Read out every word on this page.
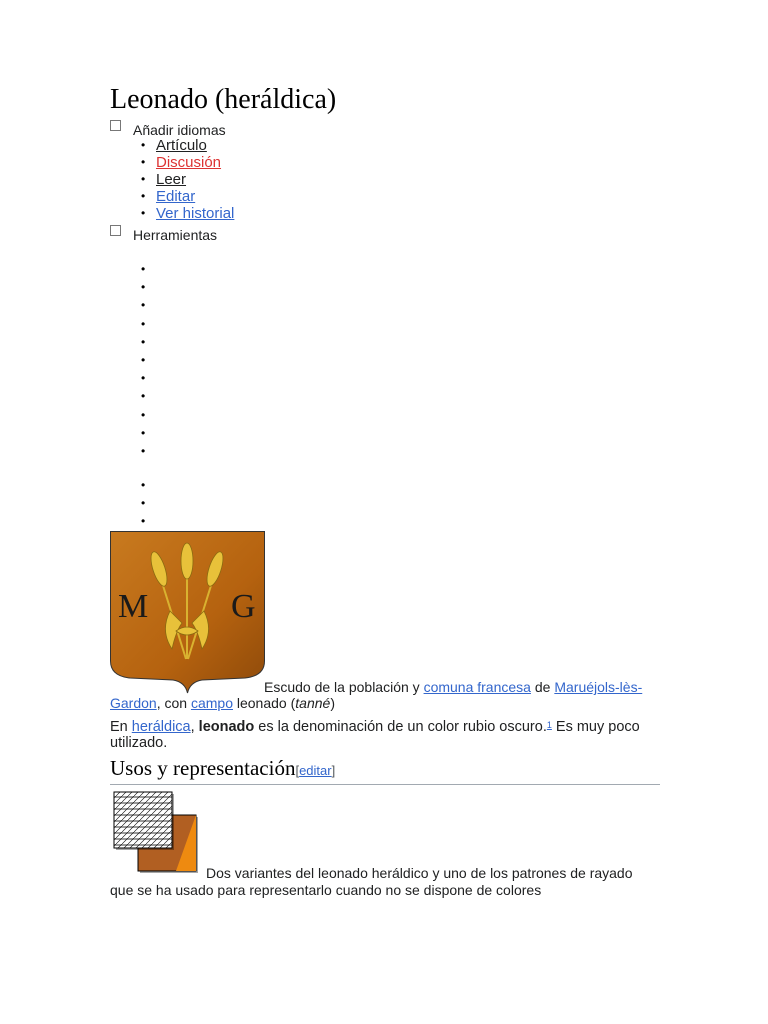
Leonado (heráldica)
Añadir idiomas
• Artículo
• Discusión
• Leer
• Editar
• Ver historial
Herramientas
M G
Escudo de la población y comuna francesa de Maruéjols-lès-Gardon, con campo leonado (tanné)
En heráldica, leonado es la denominación de un color rubio oscuro.$^1$ Es muy poco utilizado.
Usos y representación[editar]
Dos variantes del leonado heráldico y uno de los patrones de rayado que se ha usado para representarlo cuando no se dispone de colores
